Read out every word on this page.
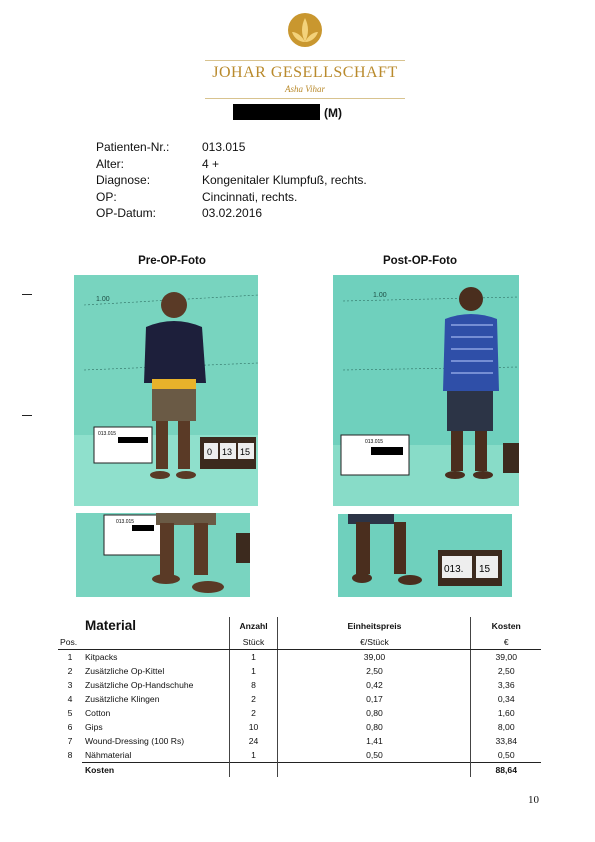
JOHAR GESELLSCHAFT
Asha Vihar
(M)
Patienten-Nr.:	013.015
Alter:	4 +
Diagnose:	Kongenitaler Klumpfuß, rechts.
OP:	Cincinnati, rechts.
OP-Datum:	03.02.2016
Pre-OP-Foto	Post-OP-Foto
1.00
013.015
0 13 15
1.00
013.015
013.015
013. 15
	Material	Anzahl	Einheitspreis	Kosten
Pos.		Stück	€/Stück	€
1	Kitpacks	1	39,00	39,00
2	Zusätzliche Op-Kittel	1	2,50	2,50
3	Zusätzliche Op-Handschuhe	8	0,42	3,36
4	Zusätzliche Klingen	2	0,17	0,34
5	Cotton	2	0,80	1,60
6	Gips	10	0,80	8,00
7	Wound-Dressing (100 Rs)	24	1,41	33,84
8	Nähmaterial	1	0,50	0,50
	Kosten			88,64
10
